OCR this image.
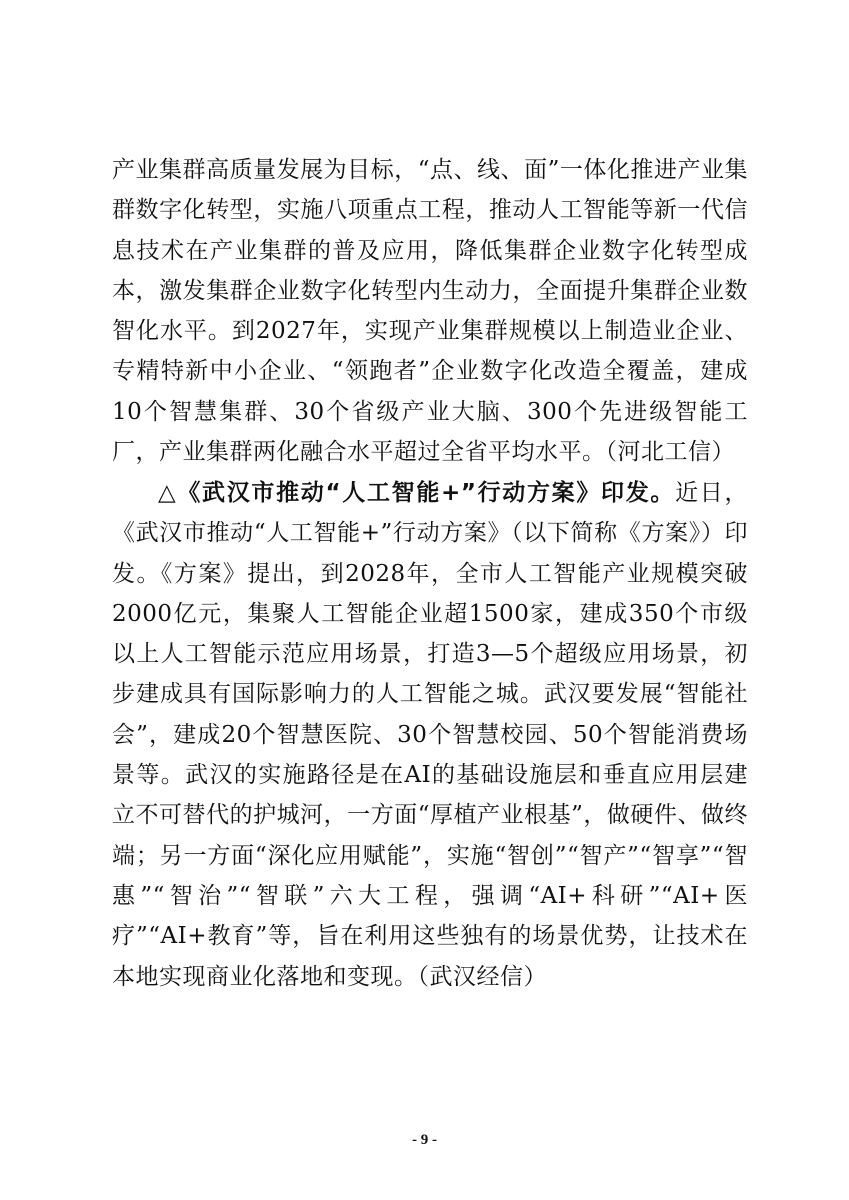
产业集群高质量发展为目标，“点、线、面”一体化推进产业集群数字化转型，实施八项重点工程，推动人工智能等新一代信息技术在产业集群的普及应用，降低集群企业数字化转型成本，激发集群企业数字化转型内生动力，全面提升集群企业数智化水平。到2027年，实现产业集群规模以上制造业企业、专精特新中小企业、“领跑者”企业数字化改造全覆盖，建成10个智慧集群、30个省级产业大脑、300个先进级智能工厂，产业集群两化融合水平超过全省平均水平。（河北工信）

△《武汉市推动“人工智能+”行动方案》印发。近日，《武汉市推动“人工智能+”行动方案》（以下简称《方案》）印发。《方案》提出，到2028年，全市人工智能产业规模突破2000亿元，集聚人工智能企业超1500家，建成350个市级以上人工智能示范应用场景，打造3—5个超级应用场景，初步建成具有国际影响力的人工智能之城。武汉要发展“智能社会”，建成20个智慧医院、30个智慧校园、50个智能消费场景等。武汉的实施路径是在AI的基础设施层和垂直应用层建立不可替代的护城河，一方面“厚植产业根基”，做硬件、做终端；另一方面“深化应用赋能”，实施“智创”“智产”“智享”“智惠”“智治”“智联”六大工程，强调“AI+科研”“AI+医疗”“AI+教育”等，旨在利用这些独有的场景优势，让技术在本地实现商业化落地和变现。（武汉经信）

- 9 -
